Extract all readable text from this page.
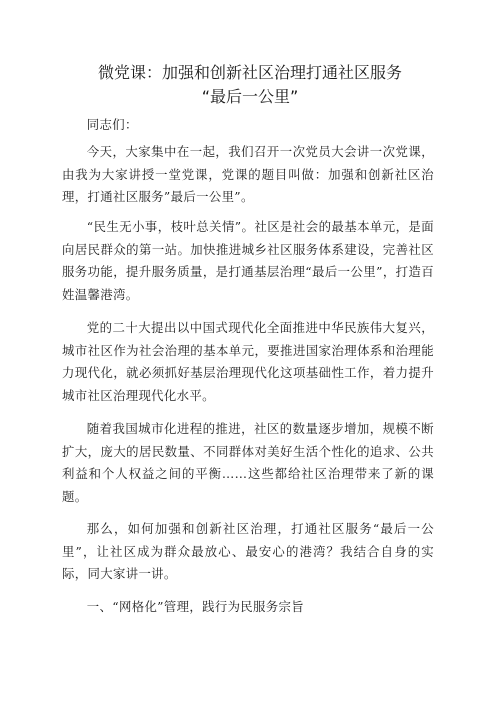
微党课：加强和创新社区治理打通社区服务
“最后一公里”

同志们：

今天，大家集中在一起，我们召开一次党员大会讲一次党课，由我为大家讲授一堂党课，党课的题目叫做：加强和创新社区治理，打通社区服务”最后一公里”。

“民生无小事，枝叶总关情”。社区是社会的最基本单元，是面向居民群众的第一站。加快推进城乡社区服务体系建设，完善社区服务功能，提升服务质量，是打通基层治理“最后一公里”，打造百姓温馨港湾。

党的二十大提出以中国式现代化全面推进中华民族伟大复兴，城市社区作为社会治理的基本单元，要推进国家治理体系和治理能力现代化，就必须抓好基层治理现代化这项基础性工作，着力提升城市社区治理现代化水平。

随着我国城市化进程的推进，社区的数量逐步增加，规模不断扩大，庞大的居民数量、不同群体对美好生活个性化的追求、公共利益和个人权益之间的平衡……这些都给社区治理带来了新的课题。

那么，如何加强和创新社区治理，打通社区服务“最后一公里”，让社区成为群众最放心、最安心的港湾？我结合自身的实际，同大家讲一讲。

一、“网格化”管理，践行为民服务宗旨
